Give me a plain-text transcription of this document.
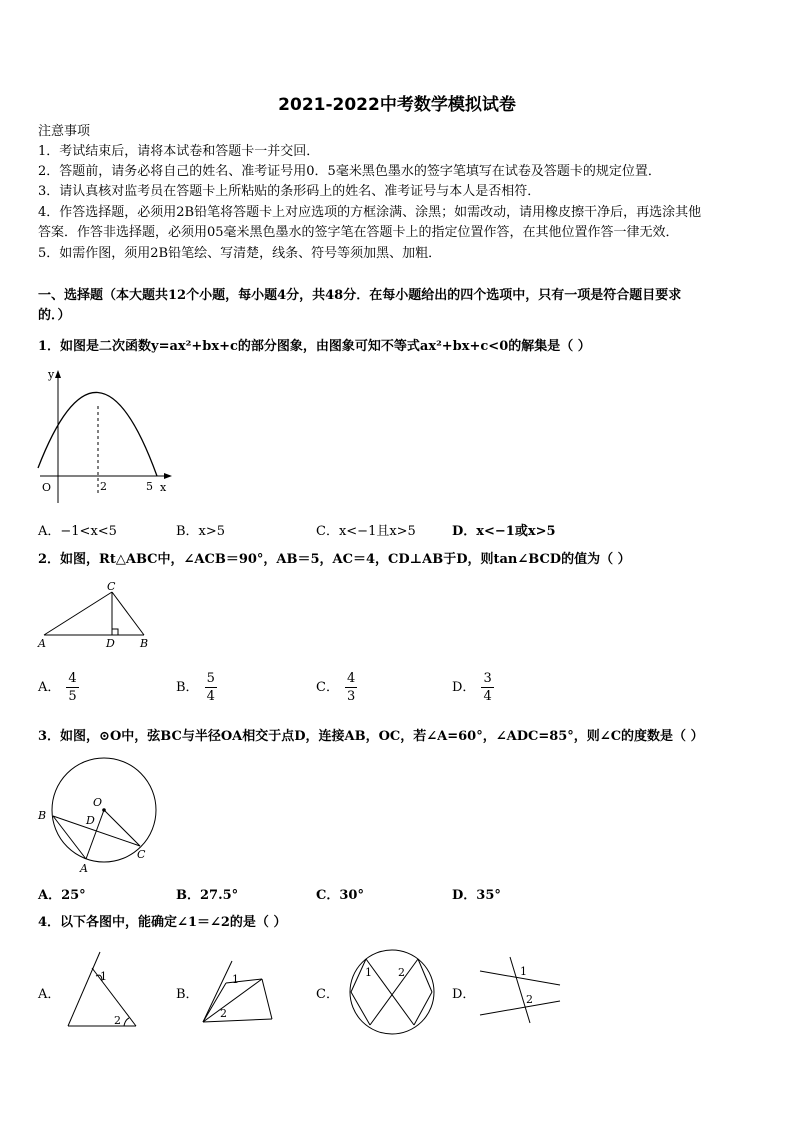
2021-2022中考数学模拟试卷
注意事项
1．考试结束后，请将本试卷和答题卡一并交回．
2．答题前，请务必将自己的姓名、准考证号用0．5毫米黑色墨水的签字笔填写在试卷及答题卡的规定位置．
3．请认真核对监考员在答题卡上所粘贴的条形码上的姓名、准考证号与本人是否相符．
4．作答选择题，必须用2B铅笔将答题卡上对应选项的方框涂满、涂黑；如需改动，请用橡皮擦干净后，再选涂其他
答案．作答非选择题，必须用05毫米黑色墨水的签字笔在答题卡上的指定位置作答，在其他位置作答一律无效．
5．如需作图，须用2B铅笔绘、写清楚，线条、符号等须加黑、加粗．
一、选择题（本大题共12个小题，每小题4分，共48分．在每小题给出的四个选项中，只有一项是符合题目要求
的．）
1．如图是二次函数y=ax²+bx+c的部分图象，由图象可知不等式ax²+bx+c<0的解集是（ ）
y
x
O	2	5
A．−1<x<5	B．x>5	C．x<−1且x>5	D．x<−1或x>5
2．如图，Rt△ABC中，∠ACB＝90°，AB＝5，AC＝4，CD⊥AB于D，则tan∠BCD的值为（ ）
A	B
C
D
A． $\frac{4}{5}$	B． $\frac{5}{4}$	C． $\frac{4}{3}$	D． $\frac{3}{4}$
3．如图，⊙O中，弦BC与半径OA相交于点D，连接AB，OC，若∠A=60°，∠ADC=85°，则∠C的度数是（ ）
O
B	D
A
C
A．25°	B．27.5°	C．30°	D．35°
4．以下各图中，能确定∠1＝∠2的是（ ）
A．
1
2
B．
1
2
C．
1 2
D．
1
2
